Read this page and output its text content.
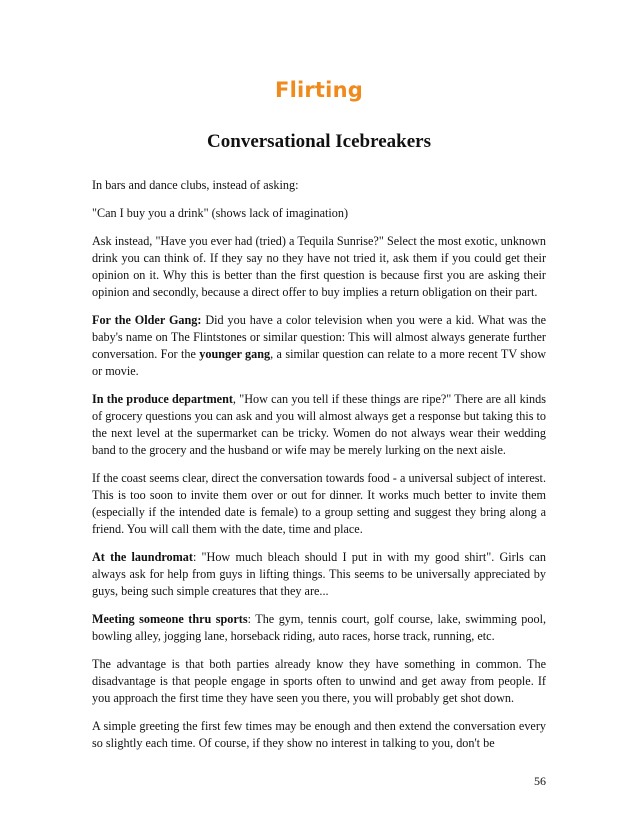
Flirting
Conversational Icebreakers

In bars and dance clubs, instead of asking:

"Can I buy you a drink" (shows lack of imagination)

Ask instead, "Have you ever had (tried) a Tequila Sunrise?" Select the most exotic, unknown drink you can think of. If they say no they have not tried it, ask them if you could get their opinion on it. Why this is better than the first question is because first you are asking their opinion and secondly, because a direct offer to buy implies a return obligation on their part.

For the Older Gang: Did you have a color television when you were a kid. What was the baby's name on The Flintstones or similar question: This will almost always generate further conversation. For the younger gang, a similar question can relate to a more recent TV show or movie.

In the produce department, "How can you tell if these things are ripe?" There are all kinds of grocery questions you can ask and you will almost always get a response but taking this to the next level at the supermarket can be tricky. Women do not always wear their wedding band to the grocery and the husband or wife may be merely lurking on the next aisle.

If the coast seems clear, direct the conversation towards food - a universal subject of interest. This is too soon to invite them over or out for dinner. It works much better to invite them (especially if the intended date is female) to a group setting and suggest they bring along a friend. You will call them with the date, time and place.

At the laundromat: "How much bleach should I put in with my good shirt". Girls can always ask for help from guys in lifting things. This seems to be universally appreciated by guys, being such simple creatures that they are...

Meeting someone thru sports: The gym, tennis court, golf course, lake, swimming pool, bowling alley, jogging lane, horseback riding, auto races, horse track, running, etc.

The advantage is that both parties already know they have something in common. The disadvantage is that people engage in sports often to unwind and get away from people. If you approach the first time they have seen you there, you will probably get shot down.

A simple greeting the first few times may be enough and then extend the conversation every so slightly each time. Of course, if they show no interest in talking to you, don't be

56
